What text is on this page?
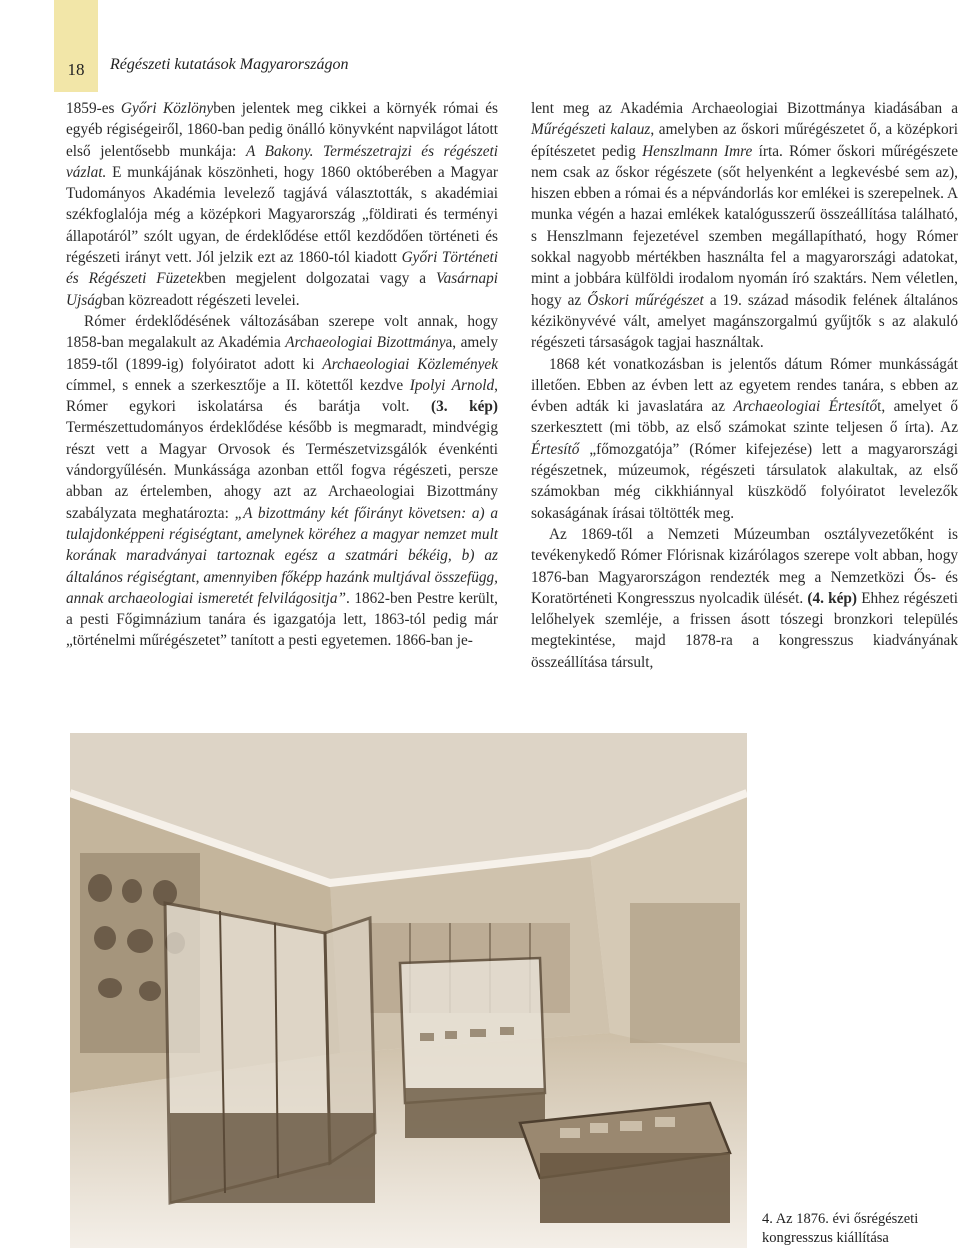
18	Régészeti kutatások Magyarországon

1859-es Győri Közlönyben jelentek meg cikkei a környék római és egyéb régiségeiről, 1860-ban pedig önálló könyvként napvilágot látott első jelentősebb munkája: A Bakony. Természetrajzi és régészeti vázlat. E munkájának köszönheti, hogy 1860 októberében a Magyar Tudományos Akadémia levelező tagjává választották, s akadémiai székfoglalója még a középkori Magyarország „földirati és terményi állapotáról” szólt ugyan, de érdeklődése ettől kezdődően történeti és régészeti irányt vett. Jól jelzik ezt az 1860-tól kiadott Győri Történeti és Régészeti Füzetekben megjelent dolgozatai vagy a Vasárnapi Ujságban közreadott régészeti levelei.

Rómer érdeklődésének változásában szerepe volt annak, hogy 1858-ban megalakult az Akadémia Archaeologiai Bizottmánya, amely 1859-től (1899-ig) folyóiratot adott ki Archaeologiai Közlemények címmel, s ennek a szerkesztője a II. kötettől kezdve Ipolyi Arnold, Rómer egykori iskolatársa és barátja volt. (3. kép) Természettudományos érdeklődése később is megmaradt, mindvégig részt vett a Magyar Orvosok és Természetvizsgálók évenkénti vándorgyűlésén. Munkássága azonban ettől fogva régészeti, persze abban az értelemben, ahogy azt az Archaeologiai Bizottmány szabályzata meghatározta: „A bizottmány két főirányt követsen: a) a tulajdonképpeni régiségtant, amelynek köréhez a magyar nemzet mult korának maradványai tartoznak egész a szatmári békéig, b) az általános régiségtant, amennyiben főképp hazánk multjával összefügg, annak archaeologiai ismeretét felvilágositja”. 1862-ben Pestre került, a pesti Főgimnázium tanára és igazgatója lett, 1863-tól pedig már „történelmi műrégészetet” tanított a pesti egyetemen. 1866-ban je-

lent meg az Akadémia Archaeologiai Bizottmánya kiadásában a Műrégészeti kalauz, amelyben az őskori műrégészetet ő, a középkori építészetet pedig Henszlmann Imre írta. Rómer őskori műrégészete nem csak az őskor régészete (sőt helyenként a legkevésbé sem az), hiszen ebben a római és a népvándorlás kor emlékei is szerepelnek. A munka végén a hazai emlékek katalógusszerű összeállítása található, s Henszlmann fejezetével szemben megállapítható, hogy Rómer sokkal nagyobb mértékben használta fel a magyarországi adatokat, mint a jobbára külföldi irodalom nyomán író szaktárs. Nem véletlen, hogy az Őskori műrégészet a 19. század második felének általános kézikönyvévé vált, amelyet magánszorgalmú gyűjtők s az alakuló régészeti társaságok tagjai használtak.

1868 két vonatkozásban is jelentős dátum Rómer munkásságát illetően. Ebben az évben lett az egyetem rendes tanára, s ebben az évben adták ki javaslatára az Archaeologiai Értesítőt, amelyet ő szerkesztett (mi több, az első számokat szinte teljesen ő írta). Az Értesítő „főmozgatója” (Rómer kifejezése) lett a magyarországi régészetnek, múzeumok, régészeti társulatok alakultak, az első számokban még cikkhiánnyal küszködő folyóiratot levelezők sokaságának írásai töltötték meg.

Az 1869-től a Nemzeti Múzeumban osztályvezetőként is tevékenykedő Rómer Flórisnak kizárólagos szerepe volt abban, hogy 1876-ban Magyarországon rendezték meg a Nemzetközi Ős- és Koratörténeti Kongresszus nyolcadik ülését. (4. kép) Ehhez régészeti lelőhelyek szemléje, a frissen ásott tószegi bronzkori település megtekintése, majd 1878-ra a kongresszus kiadványának összeállítása társult,

4. Az 1876. évi ősrégészeti kongresszus kiállítása
